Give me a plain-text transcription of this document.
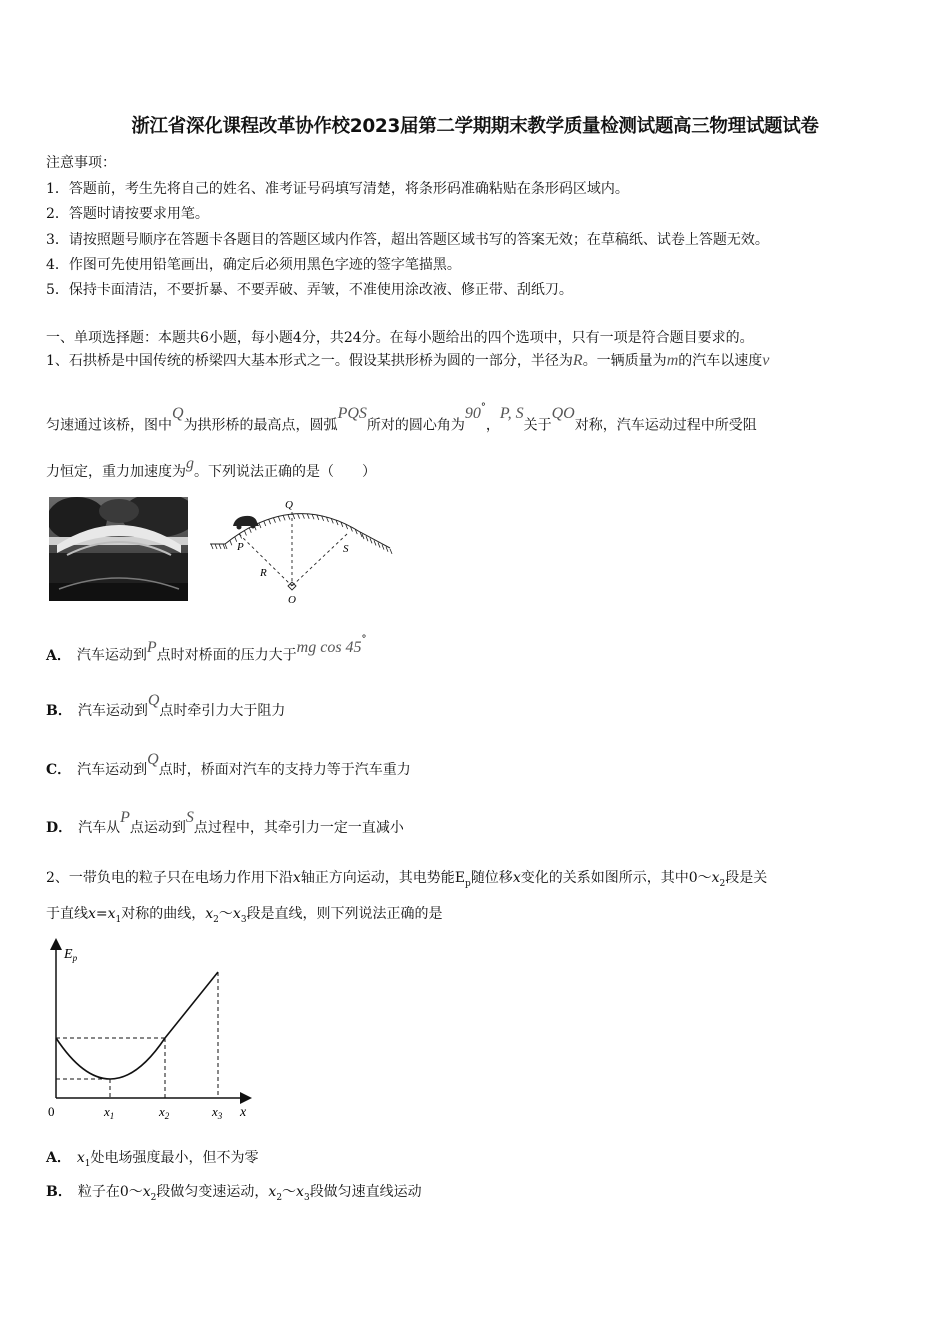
浙江省深化课程改革协作校2023届第二学期期末教学质量检测试题高三物理试题试卷
注意事项：
1．答题前，考生先将自己的姓名、准考证号码填写清楚，将条形码准确粘贴在条形码区域内。
2．答题时请按要求用笔。
3．请按照题号顺序在答题卡各题目的答题区域内作答，超出答题区域书写的答案无效；在草稿纸、试卷上答题无效。
4．作图可先使用铅笔画出，确定后必须用黑色字迹的签字笔描黑。
5．保持卡面清洁，不要折暴、不要弄破、弄皱，不准使用涂改液、修正带、刮纸刀。
一、单项选择题：本题共6小题，每小题4分，共24分。在每小题给出的四个选项中，只有一项是符合题目要求的。
1、石拱桥是中国传统的桥梁四大基本形式之一。假设某拱形桥为圆的一部分，半径为R。一辆质量为m的汽车以速度v
匀速通过该桥，图中Q为拱形桥的最高点，圆弧PQS所对的圆心角为90°，P, S关于QO对称，汽车运动过程中所受阻
力恒定，重力加速度为g。下列说法正确的是（　　）
Q
P	S
R
O
A． 汽车运动到P点时对桥面的压力大于mg cos 45°
B． 汽车运动到Q点时牵引力大于阻力
C． 汽车运动到Q点时，桥面对汽车的支持力等于汽车重力
D． 汽车从P点运动到S点过程中，其牵引力一定一直减小
2、一带负电的粒子只在电场力作用下沿x轴正方向运动，其电势能$E_p$随位移x变化的关系如图所示，其中$0\sim x_2$段是关
于直线$x=x_1$对称的曲线，$x_2\sim x_3$段是直线，则下列说法正确的是
$E_p$
0	$x_1$	$x_2$	$x_3$ x
A． $x_1$处电场强度最小，但不为零
B． 粒子在$0\sim x_2$段做匀变速运动，$x_2\sim x_3$段做匀速直线运动
